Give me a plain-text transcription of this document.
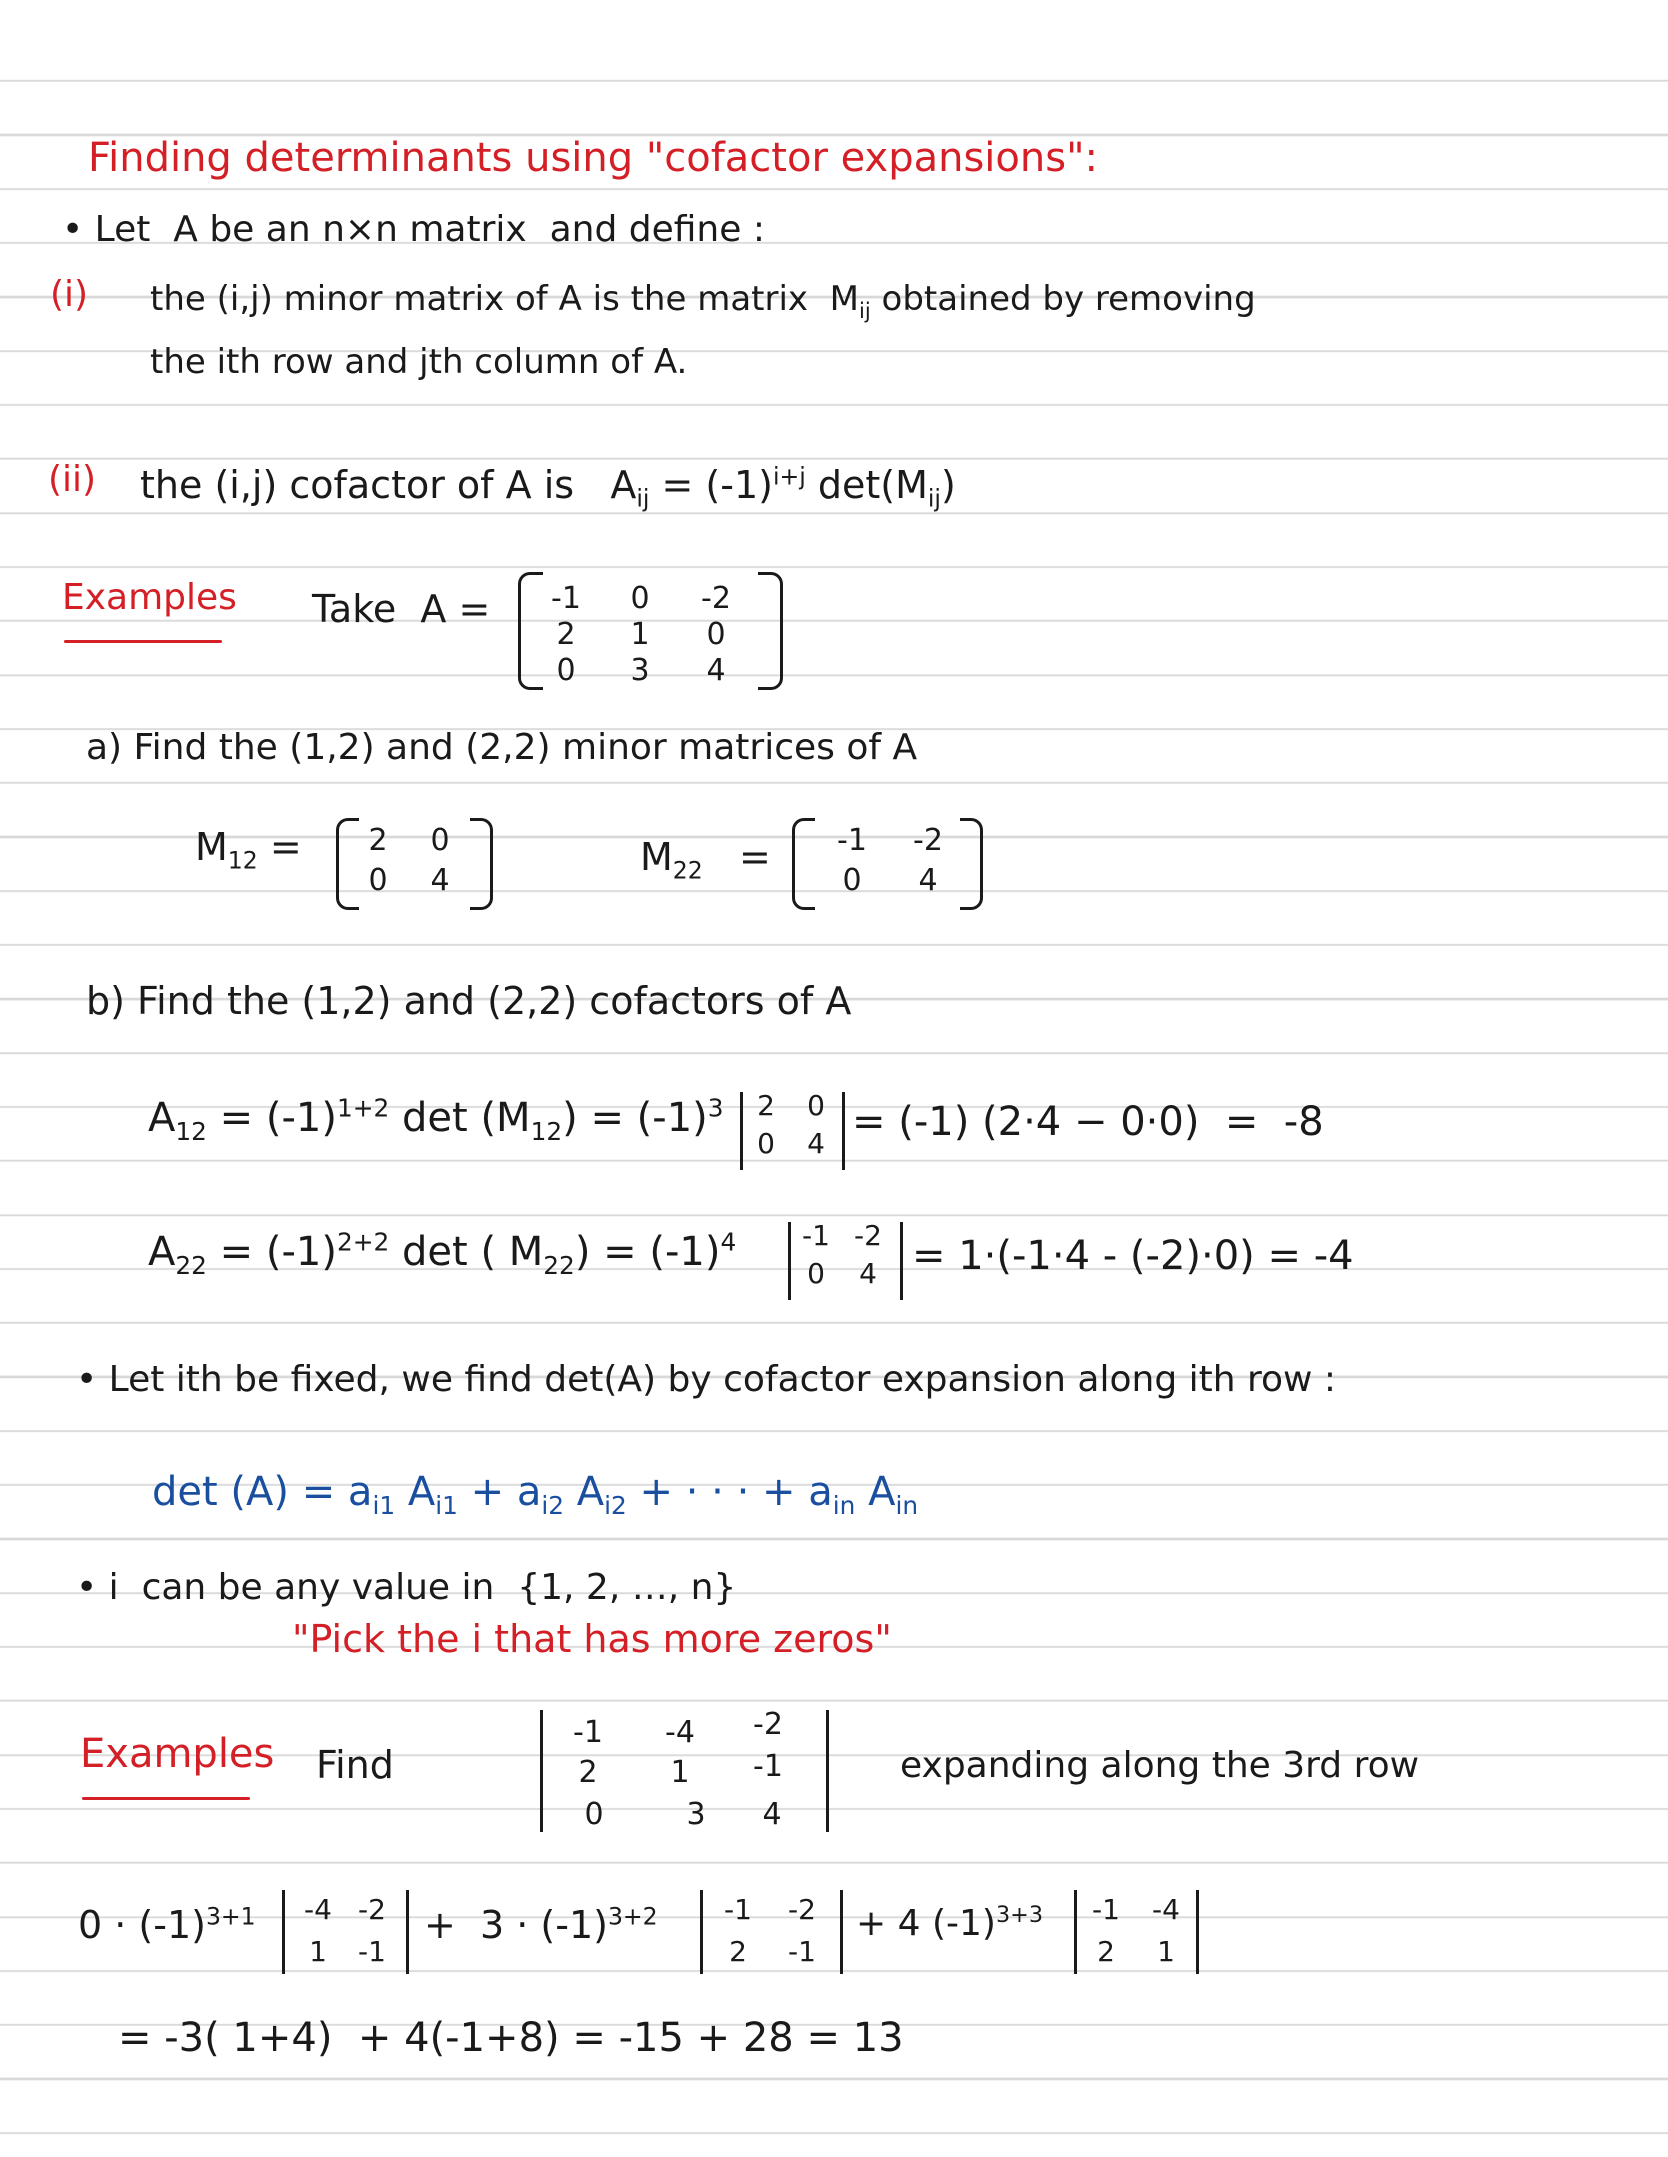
Finding determinants using "cofactor expansions":
• Let  A be an n×n matrix  and define :
(i) the (i,j) minor matrix of A is the matrix $M_{ij}$ obtained by removing
the ith row and jth column of A.
(ii) the (i,j) cofactor of A is $A_{ij} = (-1)^{i+j}$ $\det(M_{ij})$
Examples Take  A = -1	0	-2
2	1	0
0	3	4
a) Find the (1,2) and (2,2) minor matrices of A
$M_{12}$ =	2	0
0	4
$M_{22} = -1$ -2
0	4
b) Find the (1,2) and (2,2) cofactors of A
$A_{12} = (-1)^{1+2}$ $\det (M_{12}) = (-1)^3$	2	0
0	4 = (-1) (2·4 − 0·0)  =  -8
$A_{22} = (-1)^{2+2}$ det ( $M_{22}) = (-1)^4$	-1 -2
0	4 = 1·(-1·4 - (-2)·0) = -4
• Let ith be fixed, we find det(A) by cofactor expansion along ith row :
$\det (A) = a_{i1}$ $A_{i1} + a_{i2}$ $A_{i2}$ + · · · + $a_{in}$ $A_{in}$
• i  can be any value in  {1, 2, …, n}
"Pick the i that has more zeros"
Examples Find
-1 -4 -2
2	1	-1
0	3	4
expanding along the 3rd row
$0 \cdot (-1)^{3+1}$	-4 -2
1	-1
+  $3 \cdot (-1)^{3+2}$	-1	-2
2	-1
+ 4 $(-1)^{3+3}$	-1	-4
2	1
= -3( 1+4)  + 4(-1+8) = -15 + 28 = 13
